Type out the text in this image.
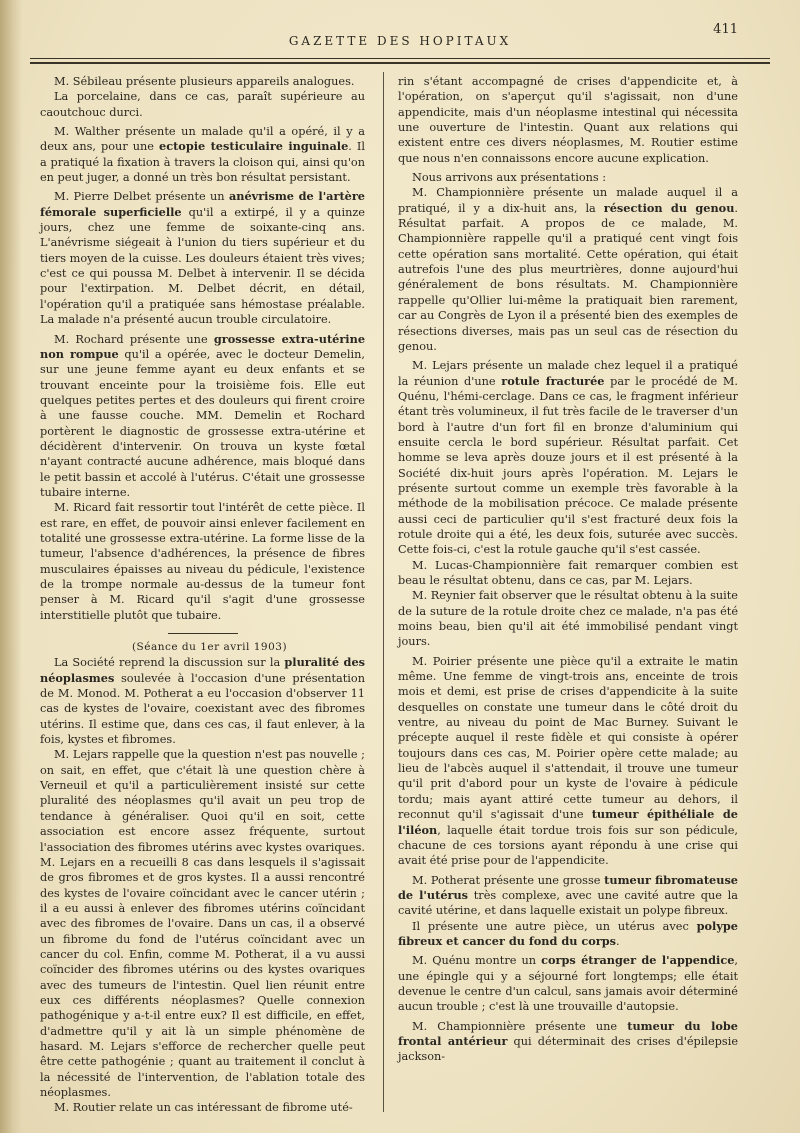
GAZETTE DES HOPITAUX
411

M. Sébileau présente plusieurs appareils analogues.

La porcelaine, dans ce cas, paraît supérieure au caoutchouc durci.

M. Walther présente un malade qu'il a opéré, il y a deux ans, pour une ectopie testiculaire inguinale. Il a pratiqué la fixation à travers la cloison qui, ainsi qu'on en peut juger, a donné un très bon résultat persistant.

M. Pierre Delbet présente un anévrisme de l'artère fémorale superficielle qu'il a extirpé, il y a quinze jours, chez une femme de soixante-cinq ans. L'anévrisme siégeait à l'union du tiers supérieur et du tiers moyen de la cuisse. Les douleurs étaient très vives; c'est ce qui poussa M. Delbet à intervenir. Il se décida pour l'extirpation. M. Delbet décrit, en détail, l'opération qu'il a pratiquée sans hémostase préalable. La malade n'a présenté aucun trouble circulatoire.

M. Rochard présente une grossesse extra-utérine non rompue qu'il a opérée, avec le docteur Demelin, sur une jeune femme ayant eu deux enfants et se trouvant enceinte pour la troisième fois. Elle eut quelques petites pertes et des douleurs qui firent croire à une fausse couche. MM. Demelin et Rochard portèrent le diagnostic de grossesse extra-utérine et décidèrent d'intervenir. On trouva un kyste fœtal n'ayant contracté aucune adhérence, mais bloqué dans le petit bassin et accolé à l'utérus. C'était une grossesse tubaire interne.

M. Ricard fait ressortir tout l'intérêt de cette pièce. Il est rare, en effet, de pouvoir ainsi enlever facilement en totalité une grossesse extra-utérine. La forme lisse de la tumeur, l'absence d'adhérences, la présence de fibres musculaires épaisses au niveau du pédicule, l'existence de la trompe normale au-dessus de la tumeur font penser à M. Ricard qu'il s'agit d'une grossesse interstitielle plutôt que tubaire.

(Séance du 1er avril 1903)

La Société reprend la discussion sur la pluralité des néoplasmes soulevée à l'occasion d'une présentation de M. Monod. M. Potherat a eu l'occasion d'observer 11 cas de kystes de l'ovaire, coexistant avec des fibromes utérins. Il estime que, dans ces cas, il faut enlever, à la fois, kystes et fibromes.

M. Lejars rappelle que la question n'est pas nouvelle ; on sait, en effet, que c'était là une question chère à Verneuil et qu'il a particulièrement insisté sur cette pluralité des néoplasmes qu'il avait un peu trop de tendance à généraliser. Quoi qu'il en soit, cette association est encore assez fréquente, surtout l'association des fibromes utérins avec kystes ovariques. M. Lejars en a recueilli 8 cas dans lesquels il s'agissait de gros fibromes et de gros kystes. Il a aussi rencontré des kystes de l'ovaire coïncidant avec le cancer utérin ; il a eu aussi à enlever des fibromes utérins coïncidant avec des fibromes de l'ovaire. Dans un cas, il a observé un fibrome du fond de l'utérus coïncidant avec un cancer du col. Enfin, comme M. Potherat, il a vu aussi coïncider des fibromes utérins ou des kystes ovariques avec des tumeurs de l'intestin. Quel lien réunit entre eux ces différents néoplasmes? Quelle connexion pathogénique y a-t-il entre eux? Il est difficile, en effet, d'admettre qu'il y ait là un simple phénomène de hasard. M. Lejars s'efforce de rechercher quelle peut être cette pathogénie ; quant au traitement il conclut à la nécessité de l'intervention, de l'ablation totale des néoplasmes.

M. Routier relate un cas intéressant de fibrome uté-

rin s'étant accompagné de crises d'appendicite et, à l'opération, on s'aperçut qu'il s'agissait, non d'une appendicite, mais d'un néoplasme intestinal qui nécessita une ouverture de l'intestin. Quant aux relations qui existent entre ces divers néoplasmes, M. Routier estime que nous n'en connaissons encore aucune explication.

Nous arrivons aux présentations :

M. Championnière présente un malade auquel il a pratiqué, il y a dix-huit ans, la résection du genou. Résultat parfait. A propos de ce malade, M. Championnière rappelle qu'il a pratiqué cent vingt fois cette opération sans mortalité. Cette opération, qui était autrefois l'une des plus meurtrières, donne aujourd'hui généralement de bons résultats. M. Championnière rappelle qu'Ollier lui-même la pratiquait bien rarement, car au Congrès de Lyon il a présenté bien des exemples de résections diverses, mais pas un seul cas de résection du genou.

M. Lejars présente un malade chez lequel il a pratiqué la réunion d'une rotule fracturée par le procédé de M. Quénu, l'hémi-cerclage. Dans ce cas, le fragment inférieur étant très volumineux, il fut très facile de le traverser d'un bord à l'autre d'un fort fil en bronze d'aluminium qui ensuite cercla le bord supérieur. Résultat parfait. Cet homme se leva après douze jours et il est présenté à la Société dix-huit jours après l'opération. M. Lejars le présente surtout comme un exemple très favorable à la méthode de la mobilisation précoce. Ce malade présente aussi ceci de particulier qu'il s'est fracturé deux fois la rotule droite qui a été, les deux fois, suturée avec succès. Cette fois-ci, c'est la rotule gauche qu'il s'est cassée.

M. Lucas-Championnière fait remarquer combien est beau le résultat obtenu, dans ce cas, par M. Lejars.

M. Reynier fait observer que le résultat obtenu à la suite de la suture de la rotule droite chez ce malade, n'a pas été moins beau, bien qu'il ait été immobilisé pendant vingt jours.

M. Poirier présente une pièce qu'il a extraite le matin même. Une femme de vingt-trois ans, enceinte de trois mois et demi, est prise de crises d'appendicite à la suite desquelles on constate une tumeur dans le côté droit du ventre, au niveau du point de Mac Burney. Suivant le précepte auquel il reste fidèle et qui consiste à opérer toujours dans ces cas, M. Poirier opère cette malade; au lieu de l'abcès auquel il s'attendait, il trouve une tumeur qu'il prit d'abord pour un kyste de l'ovaire à pédicule tordu; mais ayant attiré cette tumeur au dehors, il reconnut qu'il s'agissait d'une tumeur épithéliale de l'iléon, laquelle était tordue trois fois sur son pédicule, chacune de ces torsions ayant répondu à une crise qui avait été prise pour de l'appendicite.

M. Potherat présente une grosse tumeur fibromateuse de l'utérus très complexe, avec une cavité autre que la cavité utérine, et dans laquelle existait un polype fibreux.

Il présente une autre pièce, un utérus avec polype fibreux et cancer du fond du corps.

M. Quénu montre un corps étranger de l'appendice, une épingle qui y a séjourné fort longtemps; elle était devenue le centre d'un calcul, sans jamais avoir déterminé aucun trouble ; c'est là une trouvaille d'autopsie.

M. Championnière présente une tumeur du lobe frontal antérieur qui déterminait des crises d'épilepsie jackson-
